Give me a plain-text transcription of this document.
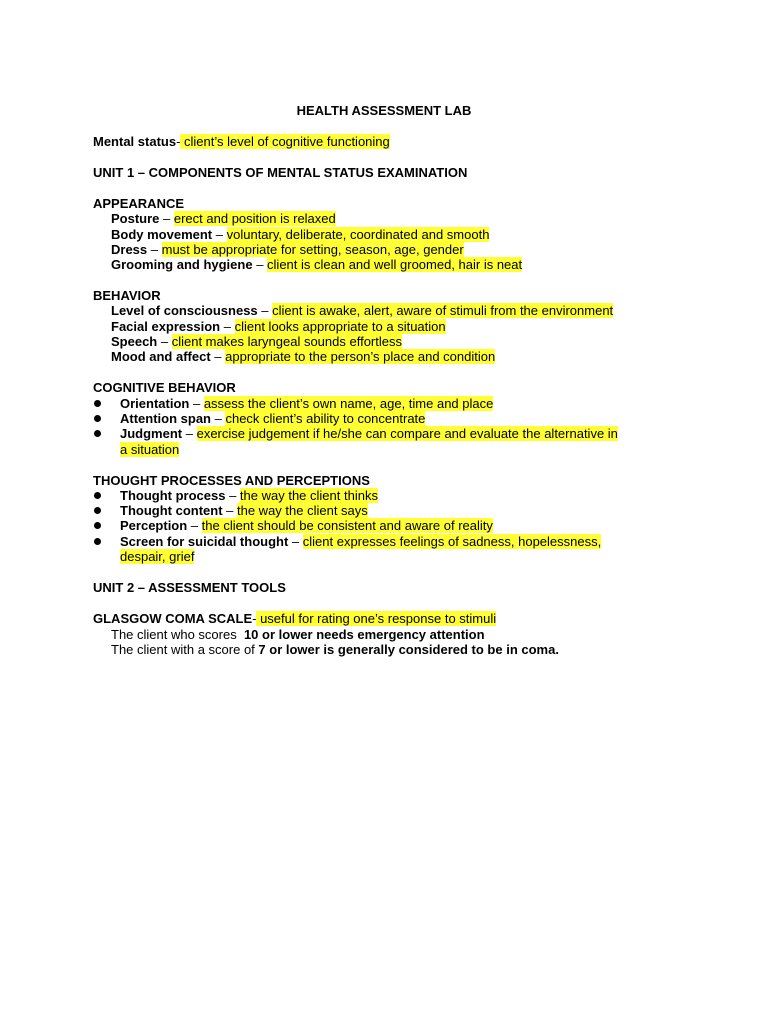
HEALTH ASSESSMENT LAB
Mental status- client’s level of cognitive functioning
UNIT 1 – COMPONENTS OF MENTAL STATUS EXAMINATION
APPEARANCE
Posture – erect and position is relaxed
Body movement – voluntary, deliberate, coordinated and smooth
Dress – must be appropriate for setting, season, age, gender
Grooming and hygiene – client is clean and well groomed, hair is neat
BEHAVIOR
Level of consciousness – client is awake, alert, aware of stimuli from the environment
Facial expression – client looks appropriate to a situation
Speech – client makes laryngeal sounds effortless
Mood and affect – appropriate to the person’s place and condition
COGNITIVE BEHAVIOR
Orientation – assess the client’s own name, age, time and place
Attention span – check client’s ability to concentrate
Judgment – exercise judgement if he/she can compare and evaluate the alternative in
a situation
THOUGHT PROCESSES AND PERCEPTIONS
Thought process – the way the client thinks
Thought content – the way the client says
Perception – the client should be consistent and aware of reality
Screen for suicidal thought – client expresses feelings of sadness, hopelessness,
despair, grief
UNIT 2 – ASSESSMENT TOOLS
GLASGOW COMA SCALE- useful for rating one’s response to stimuli
The client who scores  10 or lower needs emergency attention
The client with a score of 7 or lower is generally considered to be in coma.
